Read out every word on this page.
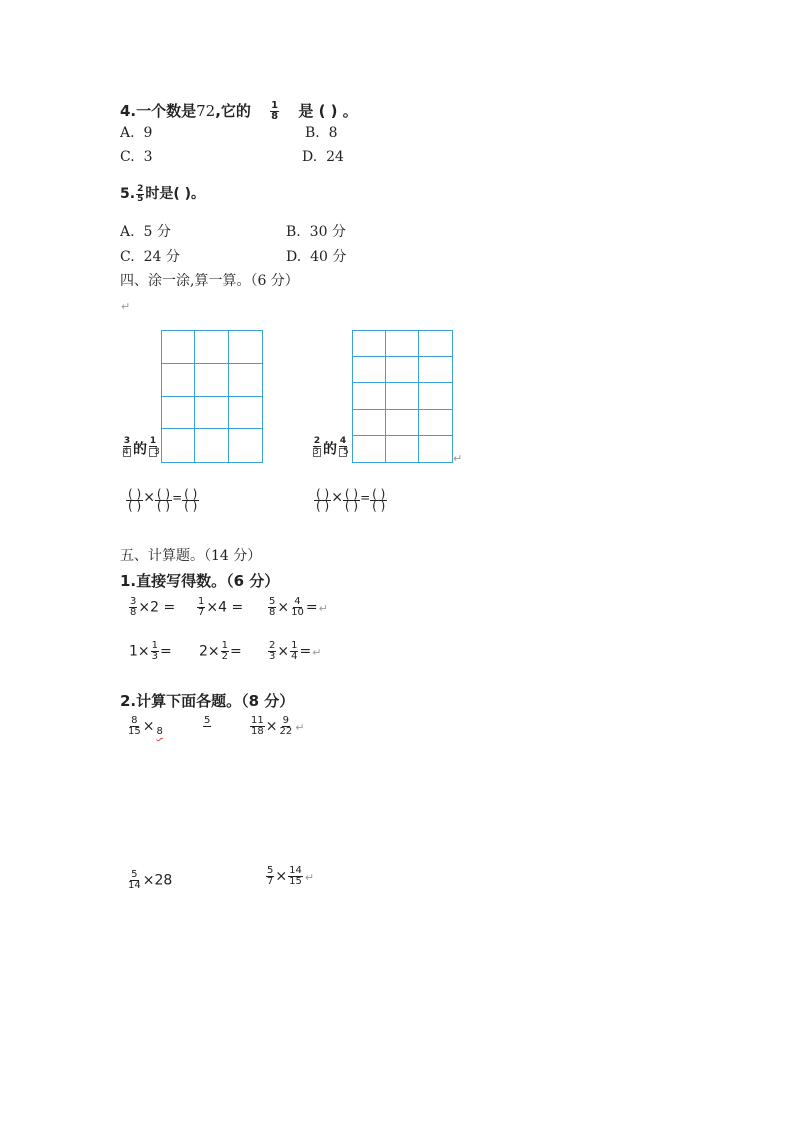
4.一个数是72,它的 $\frac{1}{8}$ 是 ( ) 。
A. 9	B. 8
C. 3	D. 24
5. $\frac{2}{5}$ 时是( )。
A. 5 分	B. 30 分
C. 24 分	D. 40 分
四、涂一涂,算一算。（6 分）
↵
3
的
1
4	3
2
的
4
3	5	↵
$\frac{( )}{( )} \times \frac{( )}{( )} = \frac{( )}{( )}$	$\frac{( )}{( )} \times \frac{( )}{( )} = \frac{( )}{( )}$
五、计算题。（14 分）
1.直接写得数。（6 分）
$\frac{3}{8} \times 2 = \frac{1}{7} \times 4 = \frac{5}{8} \times \frac{4}{10}$ =↵
$1\times \frac{1}{3} = 2\times \frac{1}{2}$ =	$\frac{2}{3} \times \frac{1}{4}$ =↵
2.计算下面各题。（8 分）
$\frac{8}{15} \times \frac{5}{8}$
$\frac{11}{18} \times \frac{9}{22}$ ↵
$\frac{5}{14} \times 28$	$\frac{5}{7} \times \frac{14}{15}$ ↵
